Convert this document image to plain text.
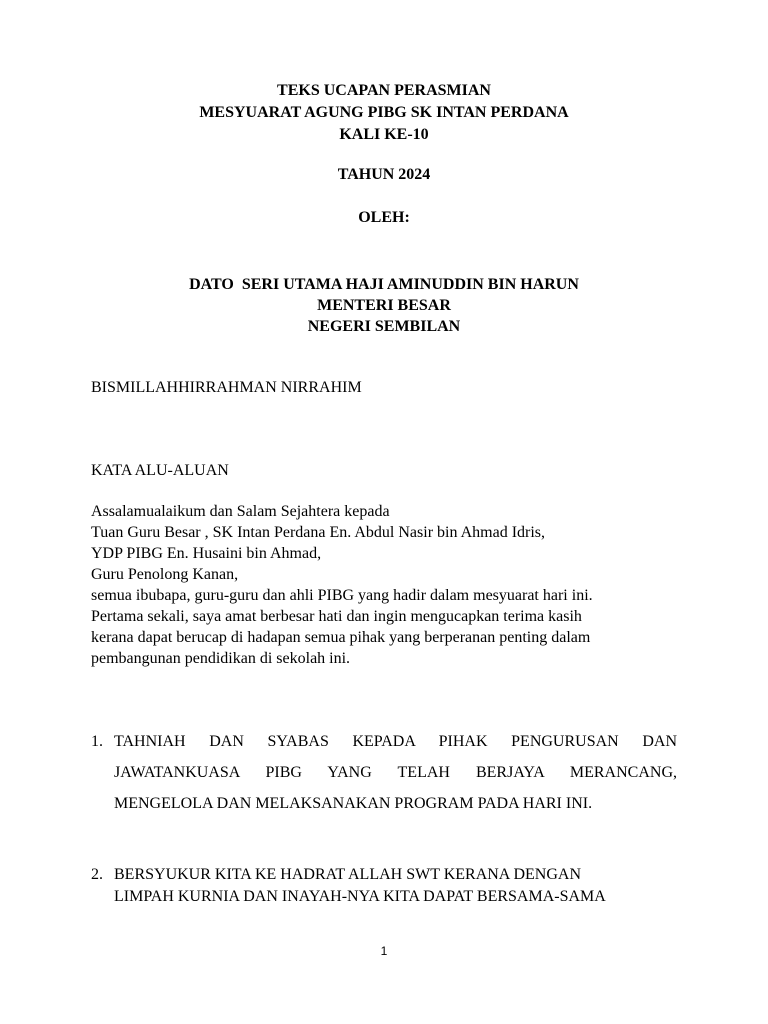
TEKS UCAPAN PERASMIAN
MESYUARAT AGUNG PIBG SK INTAN PERDANA
KALI KE-10
TAHUN 2024
OLEH:
DATO  SERI UTAMA HAJI AMINUDDIN BIN HARUN
MENTERI BESAR
NEGERI SEMBILAN
BISMILLAHHIRRAHMAN NIRRAHIM
KATA ALU-ALUAN
Assalamualaikum dan Salam Sejahtera kepada
Tuan Guru Besar , SK Intan Perdana En. Abdul Nasir bin Ahmad Idris,
YDP PIBG En. Husaini bin Ahmad,
Guru Penolong Kanan,
semua ibubapa, guru-guru dan ahli PIBG yang hadir dalam mesyuarat hari ini.
Pertama sekali, saya amat berbesar hati dan ingin mengucapkan terima kasih
kerana dapat berucap di hadapan semua pihak yang berperanan penting dalam
pembangunan pendidikan di sekolah ini.
1. TAHNIAH DAN SYABAS KEPADA PIHAK PENGURUSAN DAN
JAWATANKUASA PIBG YANG TELAH BERJAYA MERANCANG,
MENGELOLA DAN MELAKSANAKAN PROGRAM PADA HARI INI.
2. BERSYUKUR KITA KE HADRAT ALLAH SWT KERANA DENGAN
LIMPAH KURNIA DAN INAYAH-NYA KITA DAPAT BERSAMA-SAMA
1
